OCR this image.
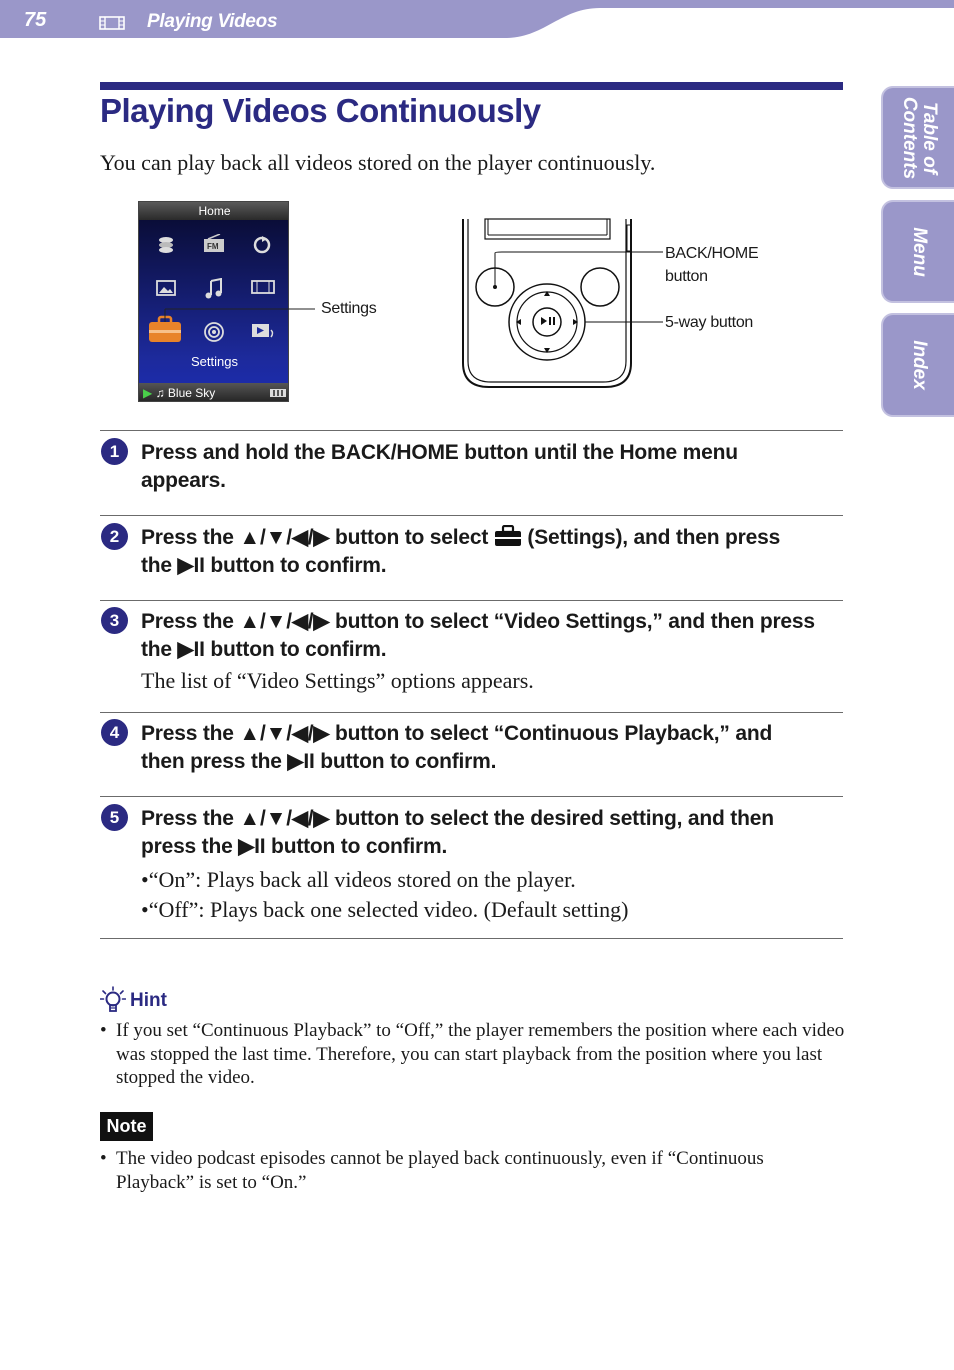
75	Playing Videos
Table of Contents
Menu
Index
Playing Videos Continuously

You can play back all videos stored on the player continuously.

Home
FM
Settings
▶ ♫ Blue Sky
Settings
BACK/HOME
button
5-way button
1	Press and hold the BACK/HOME button until the Home menu
appears.
2	Press the ▲/▼/◀/▶ button to select (Settings), and then press
the ▶II button to confirm.
3	Press the ▲/▼/◀/▶ button to select “Video Settings,” and then press
the ▶II button to confirm.
The list of “Video Settings” options appears.
4	Press the ▲/▼/◀/▶ button to select “Continuous Playback,” and
then press the ▶II button to confirm.
5	Press the ▲/▼/◀/▶ button to select the desired setting, and then
press the ▶II button to confirm.
•“On”: Plays back all videos stored on the player.
•“Off”: Plays back one selected video. (Default setting)
Hint
• If you set “Continuous Playback” to “Off,” the player remembers the position where each video was stopped the last time. Therefore, you can start playback from the position where you last stopped the video.
Note
• The video podcast episodes cannot be played back continuously, even if “Continuous Playback” is set to “On.”
